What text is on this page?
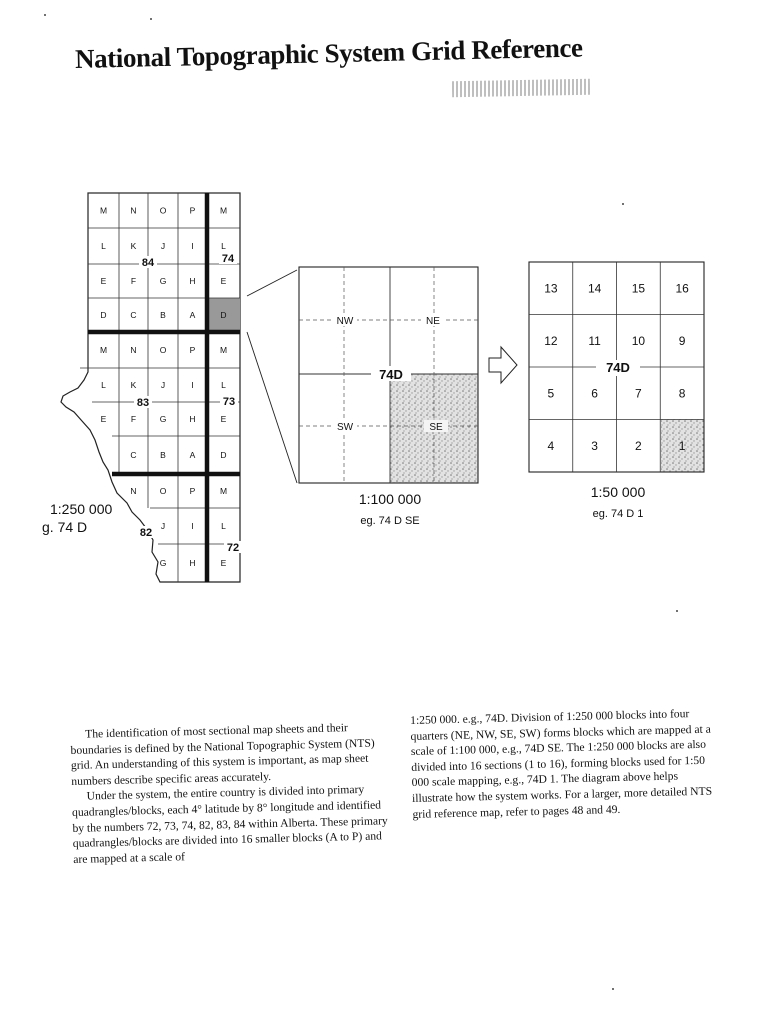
National Topographic System Grid Reference
M	N	O	P	M
L	K	J	I	L
E	F	G	H	E
D	C	B	A	D
M	N	O	P	M
L	K	J	I	L
E	F	G	H	E
C	B	A	D
N	O	P	M
J	I	L
G	H	E
84	74
83	73
82
72
NW	NE
SW	SE
74D
1:100 000
eg. 74 D SE
13	14	15	16
12	11	10	9
5	6	7	8
4	3	2	1
74D
1:50 000
eg. 74 D 1
1:250 000
g. 74 D

The identification of most sectional map sheets and their boundaries is defined by the National Topographic System (NTS) grid. An understanding of this system is important, as map sheet numbers describe specific areas accurately.

Under the system, the entire country is divided into primary quadrangles/blocks, each 4° latitude by 8° longitude and identified by the numbers 72, 73, 74, 82, 83, 84 within Alberta. These primary quadrangles/blocks are divided into 16 smaller blocks (A to P) and are mapped at a scale of

1:250 000. e.g., 74D. Division of 1:250 000 blocks into four quarters (NE, NW, SE, SW) forms blocks which are mapped at a scale of 1:100 000, e.g., 74D SE. The 1:250 000 blocks are also divided into 16 sections (1 to 16), forming blocks used for 1:50 000 scale mapping, e.g., 74D 1. The diagram above helps illustrate how the system works. For a larger, more detailed NTS grid reference map, refer to pages 48 and 49.
